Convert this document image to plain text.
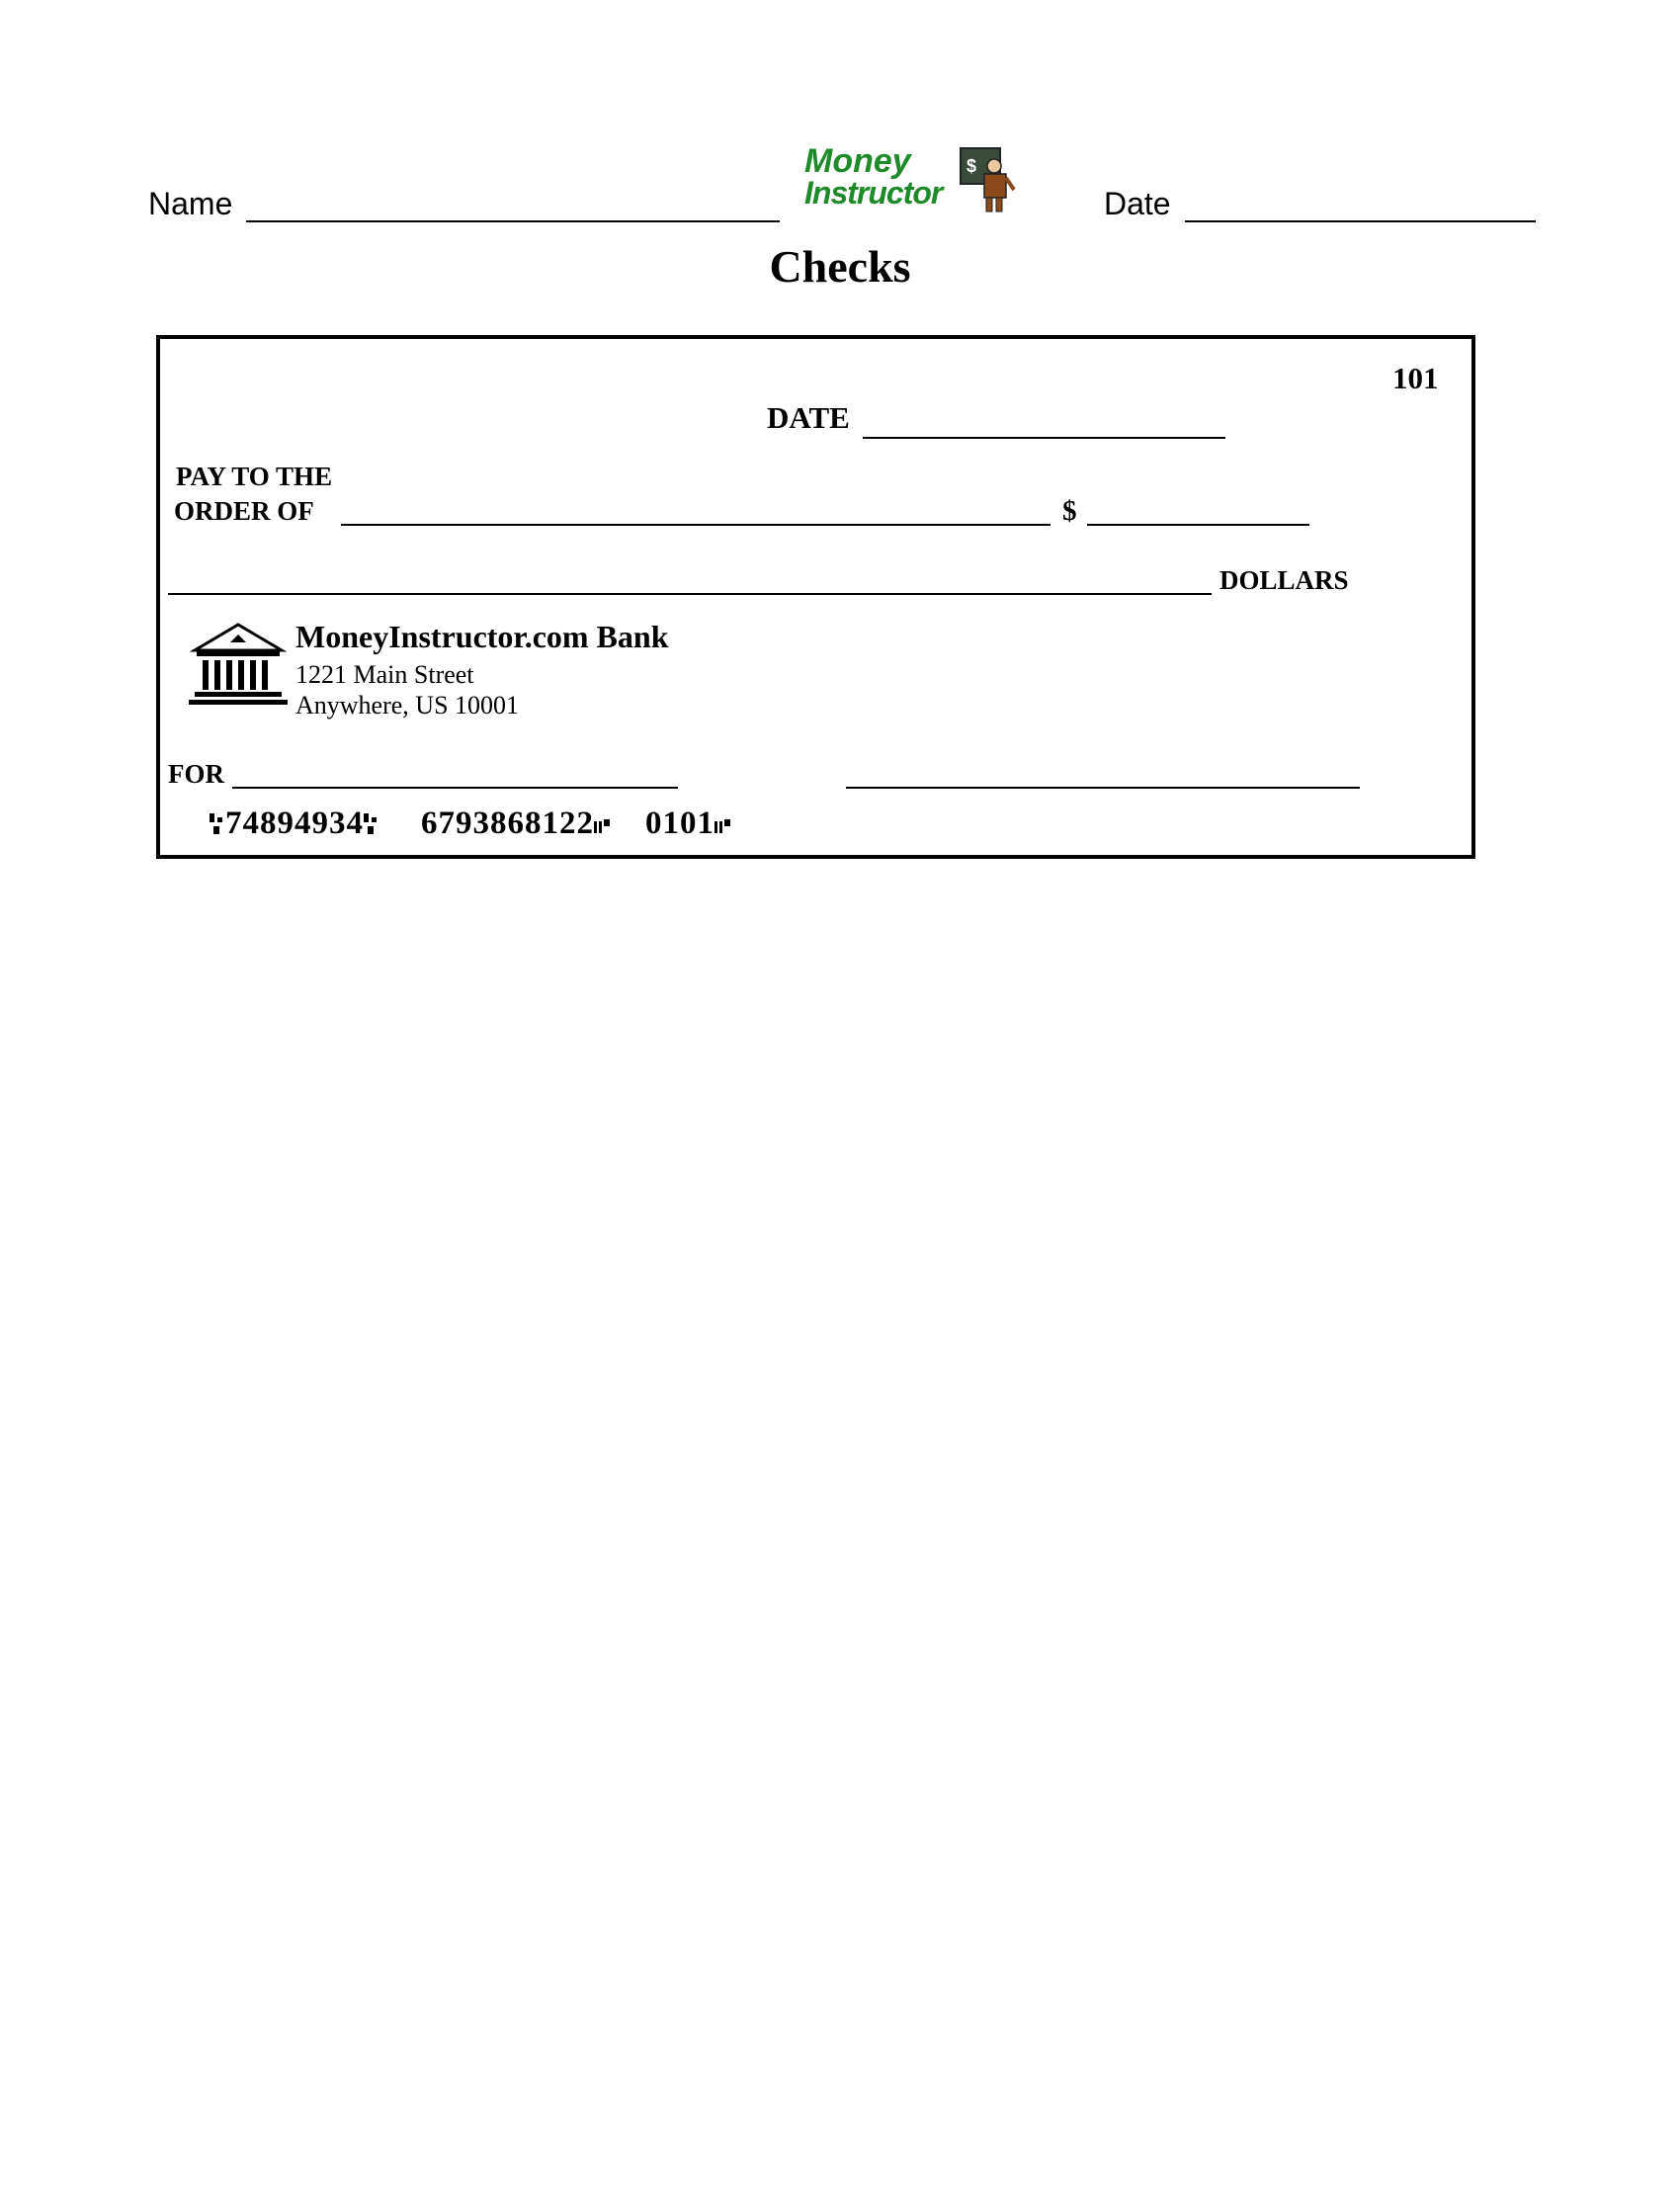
Name
Money
Instructor
$
Date
Checks
101
DATE
PAY TO THE
ORDER OF	$
DOLLARS
MoneyInstructor.com Bank
1221 Main Street
Anywhere, US 10001
FOR
74894934 6793868122 0101
